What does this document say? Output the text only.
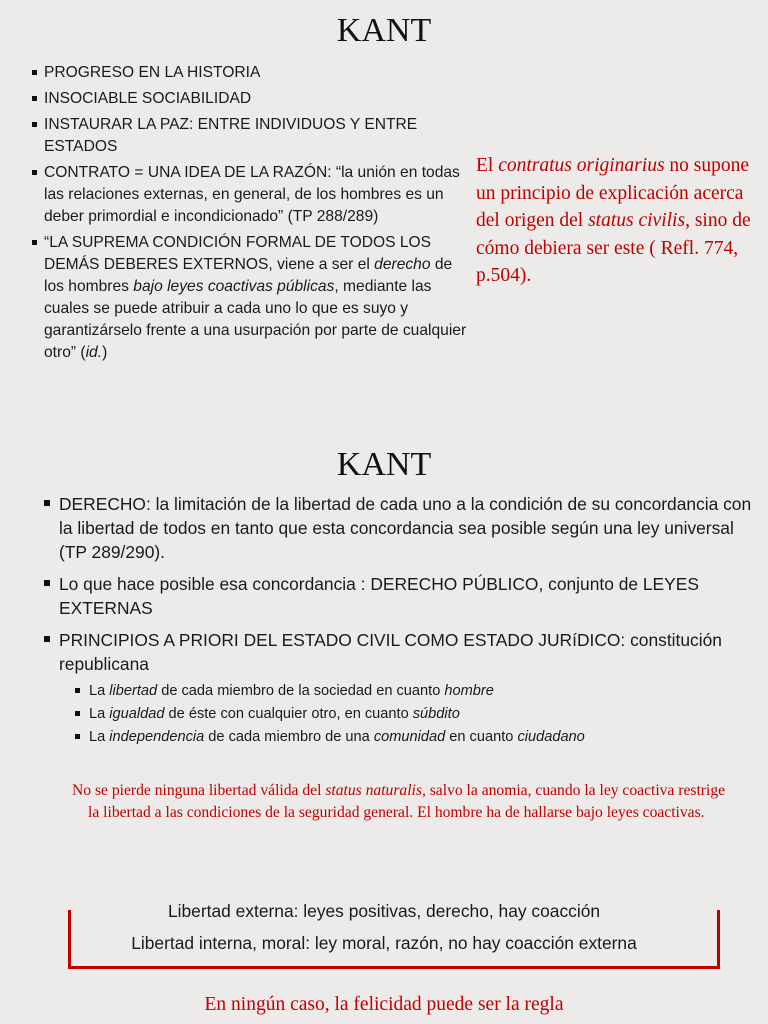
KANT
PROGRESO EN LA HISTORIA
INSOCIABLE SOCIABILIDAD
INSTAURAR LA PAZ: ENTRE INDIVIDUOS Y ENTRE ESTADOS
CONTRATO = UNA IDEA DE LA RAZÓN: “la unión en todas las relaciones externas, en general, de los hombres es un deber primordial e incondicionado” (TP 288/289)
“LA SUPREMA CONDICIÓN FORMAL DE TODOS LOS DEMÁS DEBERES EXTERNOS, viene a ser el derecho de los hombres bajo leyes coactivas públicas, mediante las cuales se puede atribuir a cada uno lo que es suyo y garantizárselo frente a una usurpación por parte de cualquier otro” (id.)
El contratus originarius no supone un principio de explicación acerca del origen del status civilis, sino de cómo debiera ser este ( Refl. 774, p.504).
KANT
DERECHO: la limitación de la libertad de cada uno a la condición de su concordancia con la libertad de todos en tanto que esta concordancia sea posible según una ley universal (TP 289/290).
Lo que hace posible esa concordancia : DERECHO PÚBLICO, conjunto de LEYES EXTERNAS
PRINCIPIOS A PRIORI DEL ESTADO CIVIL COMO ESTADO JURíDICO: constitución republicana
La libertad de cada miembro de la sociedad en cuanto hombre
La igualdad de éste con cualquier otro, en cuanto súbdito
La independencia de cada miembro de una comunidad en cuanto ciudadano
No se pierde ninguna libertad válida del status naturalis, salvo la anomia, cuando la ley coactiva restrige la libertad a las condiciones de la seguridad general. El hombre ha de hallarse bajo leyes coactivas.
Libertad externa: leyes positivas, derecho, hay coacción
Libertad interna, moral: ley moral, razón, no hay coacción externa
En ningún caso, la felicidad puede ser la regla
